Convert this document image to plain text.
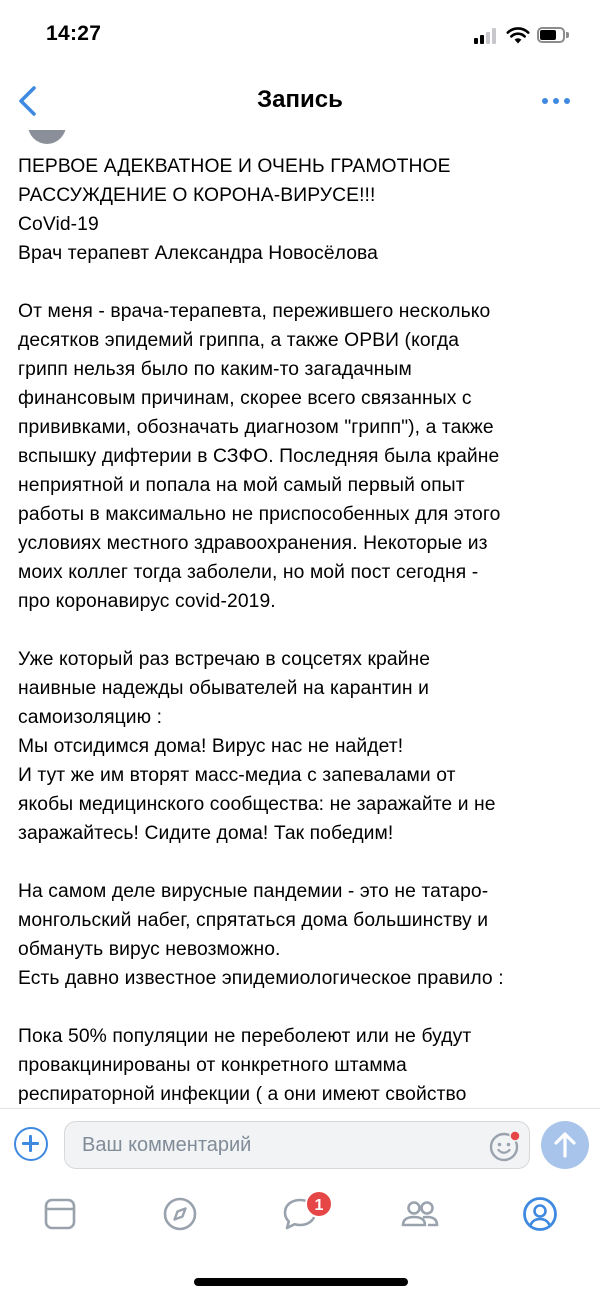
14:27
Запись

ПЕРВОЕ АДЕКВАТНОЕ И ОЧЕНЬ ГРАМОТНОЕ
РАССУЖДЕНИЕ О КОРОНА-ВИРУСЕ!!!
CoVid-19
Врач терапевт Александра Новосёлова

От меня - врача-терапевта, пережившего несколько
десятков эпидемий гриппа, а также ОРВИ (когда
грипп нельзя было по каким-то загадачным
финансовым причинам, скорее всего связанных с
прививками, обозначать диагнозом "грипп"), а также
вспышку дифтерии в СЗФО. Последняя была крайне
неприятной и попала на мой самый первый опыт
работы в максимально не приспособенных для этого
условиях местного здравоохранения. Некоторые из
моих коллег тогда заболели, но мой пост сегодня -
про коронавирус covid-2019.

Уже который раз встречаю в соцсетях крайне
наивные надежды обывателей на карантин и
самоизоляцию :
Мы отсидимся дома! Вирус нас не найдет!
И тут же им вторят масс-медиа с запевалами от
якобы медицинского сообщества: не заражайте и не
заражайтесь! Сидите дома! Так победим!

На самом деле вирусные пандемии - это не татаро-
монгольский набег, спрятаться дома большинству и
обмануть вирус невозможно.
Есть давно известное эпидемиологическое правило :

Пока 50% популяции не переболеют или не будут
провакцинированы от конкретного штамма
респираторной инфекции ( а они имеют свойство

Ваш комментарий
1
